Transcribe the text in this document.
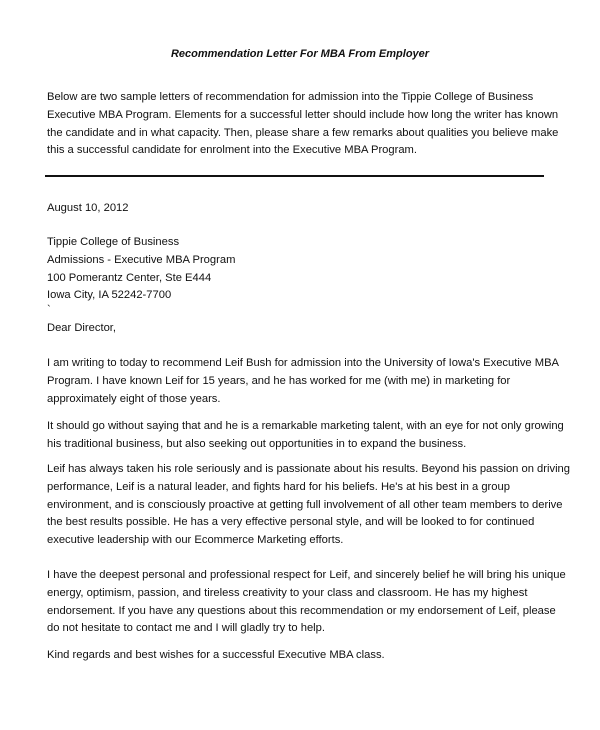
Recommendation Letter For MBA From Employer
Below are two sample letters of recommendation for admission into the Tippie College of Business
Executive MBA Program. Elements for a successful letter should include how long the writer has known
the candidate and in what capacity. Then, please share a few remarks about qualities you believe make
this a successful candidate for enrolment into the Executive MBA Program.
August 10, 2012
Tippie College of Business
Admissions - Executive MBA Program
100 Pomerantz Center, Ste E444
Iowa City, IA 52242-7700
`
Dear Director,
I am writing to today to recommend Leif Bush for admission into the University of Iowa's Executive MBA
Program. I have known Leif for 15 years, and he has worked for me (with me) in marketing for
approximately eight of those years.
It should go without saying that and he is a remarkable marketing talent, with an eye for not only growing
his traditional business, but also seeking out opportunities in to expand the business.
Leif has always taken his role seriously and is passionate about his results. Beyond his passion on driving
performance, Leif is a natural leader, and fights hard for his beliefs. He's at his best in a group
environment, and is consciously proactive at getting full involvement of all other team members to derive
the best results possible. He has a very effective personal style, and will be looked to for continued
executive leadership with our Ecommerce Marketing efforts.
I have the deepest personal and professional respect for Leif, and sincerely belief he will bring his unique
energy, optimism, passion, and tireless creativity to your class and classroom. He has my highest
endorsement. If you have any questions about this recommendation or my endorsement of Leif, please
do not hesitate to contact me and I will gladly try to help.
Kind regards and best wishes for a successful Executive MBA class.
